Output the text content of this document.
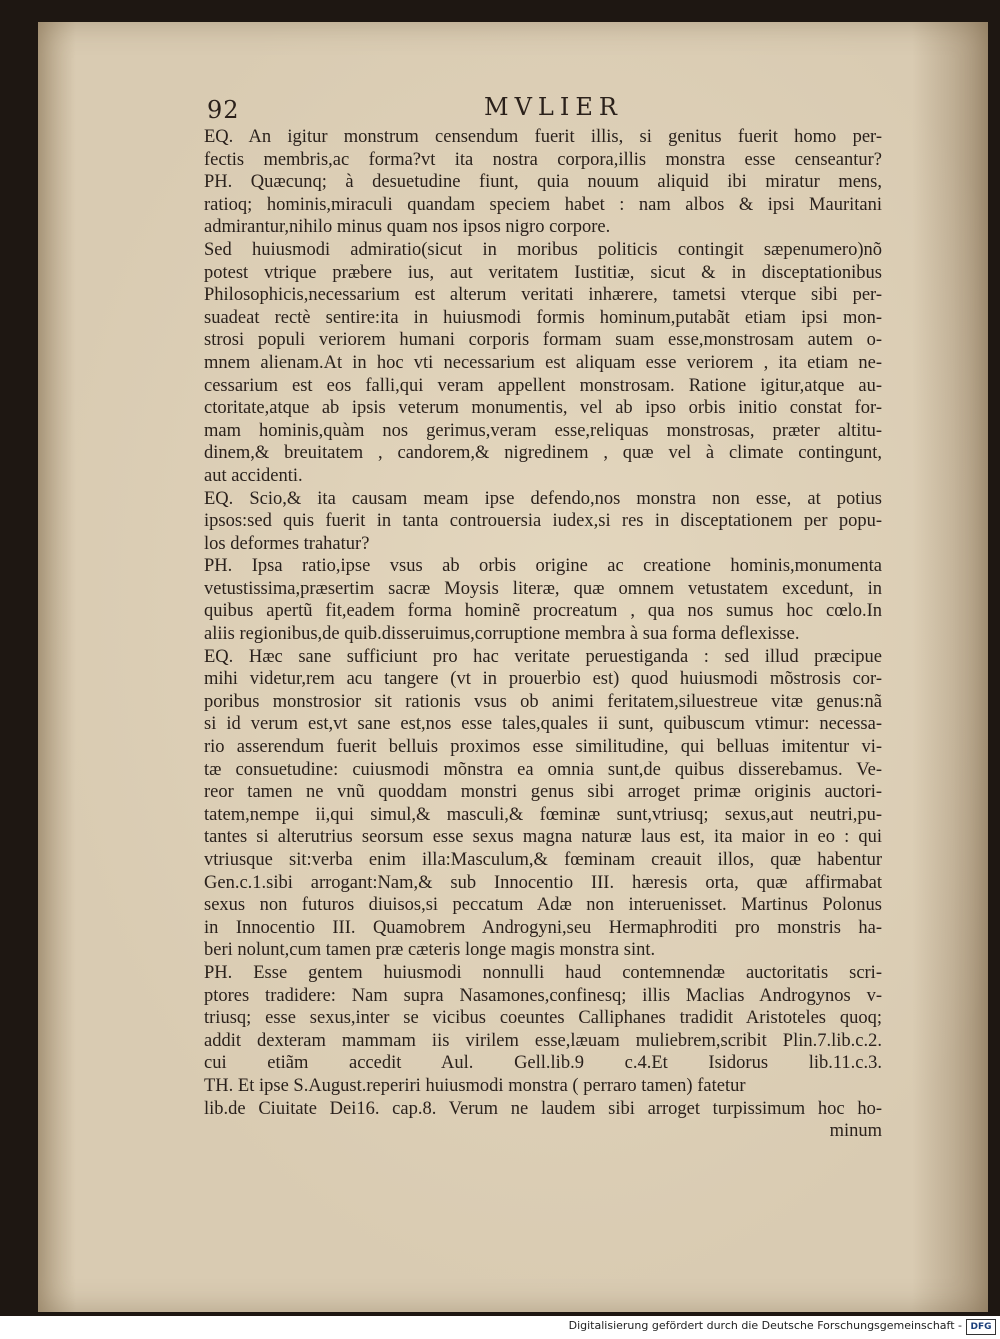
92	MVLIER
EQ. An igitur monstrum censendum fuerit illis, si genitus fuerit homo per-
fectis membris,ac forma?vt ita nostra corpora,illis monstra esse censeantur?
PH. Quæcunq; à desuetudine fiunt, quia nouum aliquid ibi miratur mens,
ratioq; hominis,miraculi quandam speciem habet : nam albos & ipsi Mauritani
admirantur,nihilo minus quam nos ipsos nigro corpore.
Sed huiusmodi admiratio(sicut in moribus politicis contingit sæpenumero)nõ
potest vtrique præbere ius, aut veritatem Iustitiæ, sicut & in disceptationibus
Philosophicis,necessarium est alterum veritati inhærere, tametsi vterque sibi per-
suadeat rectè sentire:ita in huiusmodi formis hominum,putabãt etiam ipsi mon-
strosi populi veriorem humani corporis formam suam esse,monstrosam autem o-
mnem alienam.At in hoc vti necessarium est aliquam esse veriorem , ita etiam ne-
cessarium est eos falli,qui veram appellent monstrosam. Ratione igitur,atque au-
ctoritate,atque ab ipsis veterum monumentis, vel ab ipso orbis initio constat for-
mam hominis,quàm nos gerimus,veram esse,reliquas monstrosas, præter altitu-
dinem,& breuitatem , candorem,& nigredinem , quæ vel à climate contingunt,
aut accidenti.
EQ. Scio,& ita causam meam ipse defendo,nos monstra non esse, at potius
ipsos:sed quis fuerit in tanta controuersia iudex,si res in disceptationem per popu-
los deformes trahatur?
PH. Ipsa ratio,ipse vsus ab orbis origine ac creatione hominis,monumenta
vetustissima,præsertim sacræ Moysis literæ, quæ omnem vetustatem excedunt, in
quibus apertũ fit,eadem forma hominẽ procreatum , qua nos sumus hoc cœlo.In
aliis regionibus,de quib.disseruimus,corruptione membra à sua forma deflexisse.
EQ. Hæc sane sufficiunt pro hac veritate peruestiganda : sed illud præcipue
mihi videtur,rem acu tangere (vt in prouerbio est) quod huiusmodi mõstrosis cor-
poribus monstrosior sit rationis vsus ob animi feritatem,siluestreue vitæ genus:nã
si id verum est,vt sane est,nos esse tales,quales ii sunt, quibuscum vtimur: necessa-
rio asserendum fuerit belluis proximos esse similitudine, qui belluas imitentur vi-
tæ consuetudine: cuiusmodi mõnstra ea omnia sunt,de quibus disserebamus. Ve-
reor tamen ne vnũ quoddam monstri genus sibi arroget primæ originis auctori-
tatem,nempe ii,qui simul,& masculi,& fœminæ sunt,vtriusq; sexus,aut neutri,pu-
tantes si alterutrius seorsum esse sexus magna naturæ laus est, ita maior in eo : qui
vtriusque sit:verba enim illa:Masculum,& fœminam creauit illos, quæ habentur
Gen.c.1.sibi arrogant:Nam,& sub Innocentio III. hæresis orta, quæ affirmabat
sexus non futuros diuisos,si peccatum Adæ non interuenisset. Martinus Polonus
in Innocentio III. Quamobrem Androgyni,seu Hermaphroditi pro monstris ha-
beri nolunt,cum tamen præ cæteris longe magis monstra sint.
PH. Esse gentem huiusmodi nonnulli haud contemnendæ auctoritatis scri-
ptores tradidere: Nam supra Nasamones,confinesq; illis Maclias Androgynos v-
triusq; esse sexus,inter se vicibus coeuntes Calliphanes tradidit Aristoteles quoq;
addit dexteram mammam iis virilem esse,læuam muliebrem,scribit Plin.7.lib.c.2.
cui etiãm accedit Aul. Gell.lib.9 c.4.Et Isidorus lib.11.c.3.
TH. Et ipse S.August.reperiri huiusmodi monstra ( perraro tamen) fatetur
lib.de Ciuitate Dei16. cap.8. Verum ne laudem sibi arroget turpissimum hoc ho-
minum
Digitalisierung gefördert durch die Deutsche Forschungsgemeinschaft - DFG
